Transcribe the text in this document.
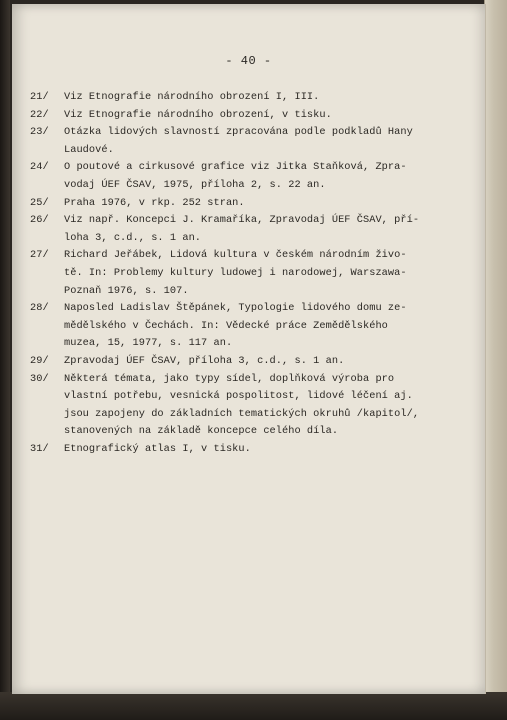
- 40 -
21/ Viz Etnografie národního obrození I, III.
22/ Viz Etnografie národního obrození, v tisku.
23/ Otázka lidových slavností zpracována podle podkladů Hany
Laudové.
24/ O poutové a cirkusové grafice viz Jitka Staňková, Zpra-
vodaj ÚEF ČSAV, 1975, příloha 2, s. 22 an.
25/ Praha 1976, v rkp. 252 stran.
26/ Viz např. Koncepci J. Kramaříka, Zpravodaj ÚEF ČSAV, pří-
loha 3, c.d., s. 1 an.
27/ Richard Jeřábek, Lidová kultura v českém národním živo-
tě. In: Problemy kultury ludowej i narodowej, Warszawa-
Poznaň 1976, s. 107.
28/ Naposled Ladislav Štěpánek, Typologie lidového domu ze-
mědělského v Čechách. In: Vědecké práce Zemědělského
muzea, 15, 1977, s. 117 an.
29/ Zpravodaj ÚEF ČSAV, příloha 3, c.d., s. 1 an.
30/ Některá témata, jako typy sídel, doplňková výroba pro
vlastní potřebu, vesnická pospolitost, lidové léčení aj.
jsou zapojeny do základních tematických okruhů /kapitol/,
stanovených na základě koncepce celého díla.
31/ Etnografický atlas I, v tisku.
